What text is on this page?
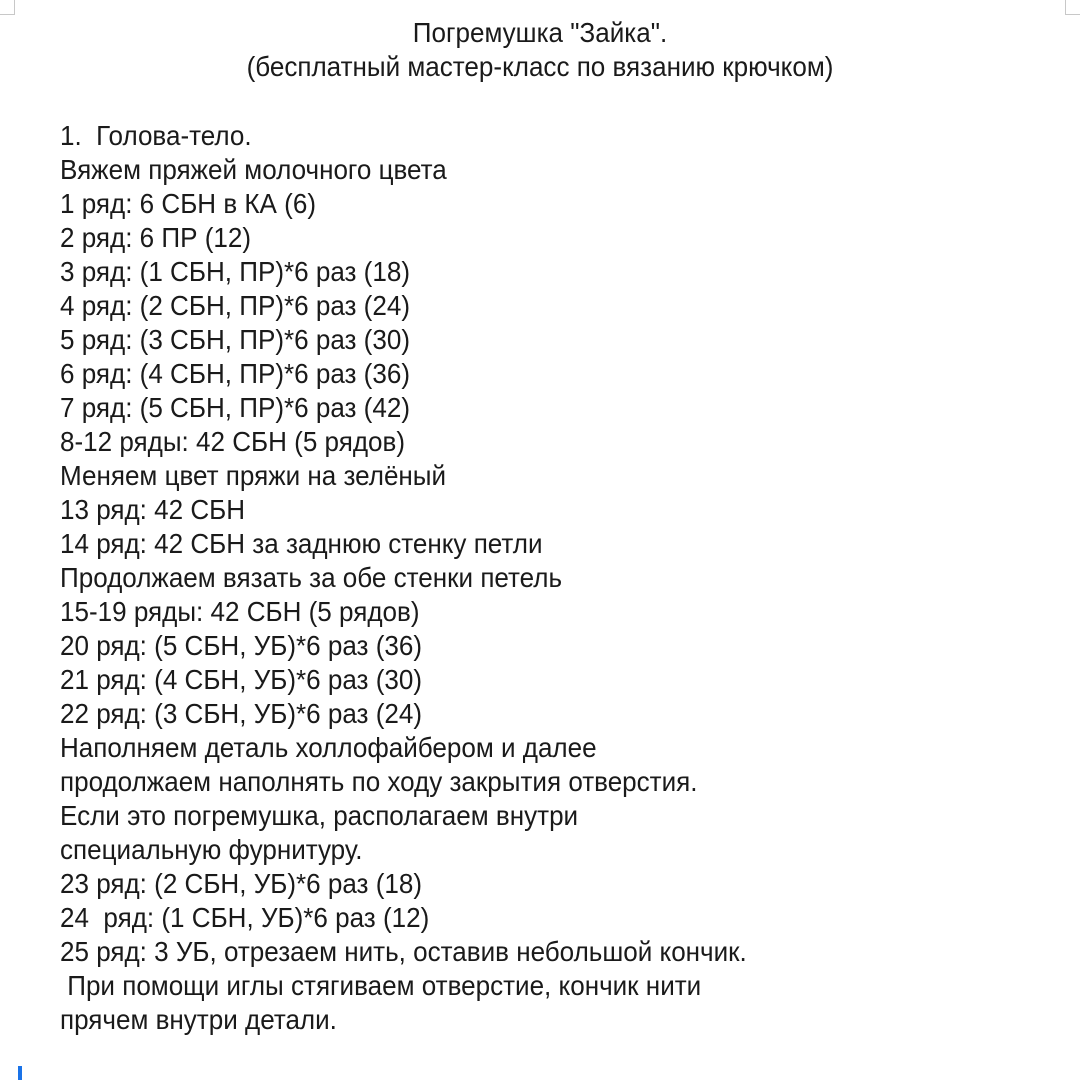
Погремушка "Зайка".
(бесплатный мастер-класс по вязанию крючком)
1.  Голова-тело.
Вяжем пряжей молочного цвета
1 ряд: 6 СБН в КА (6)
2 ряд: 6 ПР (12)
3 ряд: (1 СБН, ПР)*6 раз (18)
4 ряд: (2 СБН, ПР)*6 раз (24)
5 ряд: (3 СБН, ПР)*6 раз (30)
6 ряд: (4 СБН, ПР)*6 раз (36)
7 ряд: (5 СБН, ПР)*6 раз (42)
8-12 ряды: 42 СБН (5 рядов)
Меняем цвет пряжи на зелёный
13 ряд: 42 СБН
14 ряд: 42 СБН за заднюю стенку петли
Продолжаем вязать за обе стенки петель
15-19 ряды: 42 СБН (5 рядов)
20 ряд: (5 СБН, УБ)*6 раз (36)
21 ряд: (4 СБН, УБ)*6 раз (30)
22 ряд: (3 СБН, УБ)*6 раз (24)
Наполняем деталь холлофайбером и далее
продолжаем наполнять по ходу закрытия отверстия.
Если это погремушка, располагаем внутри
специальную фурнитуру.
23 ряд: (2 СБН, УБ)*6 раз (18)
24  ряд: (1 СБН, УБ)*6 раз (12)
25 ряд: 3 УБ, отрезаем нить, оставив небольшой кончик.
При помощи иглы стягиваем отверстие, кончик нити
прячем внутри детали.
